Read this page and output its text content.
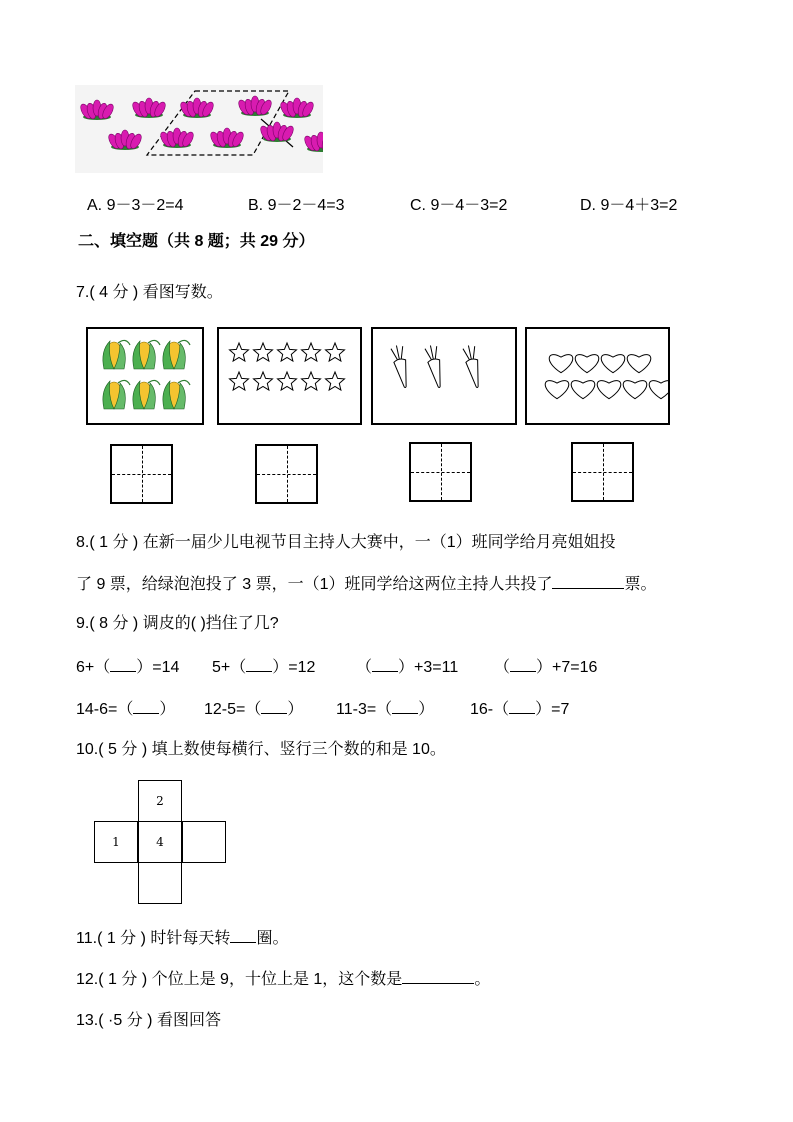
A. 9－3－2=4	B. 9－2－4=3	C. 9－4－3=2	D. 9－4＋3=2
二、填空题（共 8 题；共 29 分）
7.( 4 分 ) 看图写数。
8.( 1 分 ) 在新一届少儿电视节目主持人大赛中，一（1）班同学给月亮姐姐投
了 9 票，给绿泡泡投了 3 票，一（1）班同学给这两位主持人共投了	票。
9.( 8 分 ) 调皮的( )挡住了几?
6+（ ）=14 5+（ ）=12	（ ）+3=11 （ ）+7=16
14-6=（ ） 12-5=（ ） 11-3=（ ） 16-（ ）=7
10.( 5 分 ) 填上数使每横行、竖行三个数的和是 10。
2
1	4
11.( 1 分 ) 时针每天转 圈。
12.( 1 分 ) 个位上是 9，十位上是 1，这个数是	。
13.( ·5 分 ) 看图回答
